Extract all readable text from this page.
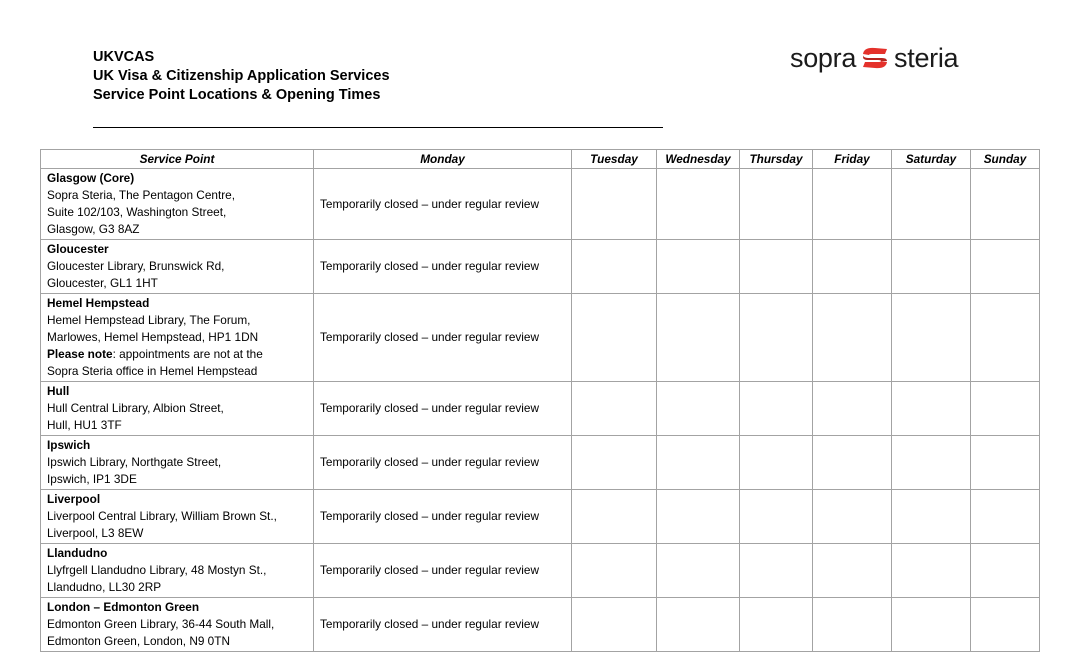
UKVCAS
UK Visa & Citizenship Application Services
Service Point Locations & Opening Times
sopra steria
Service Point	Monday	Tuesday	Wednesday	Thursday	Friday	Saturday	Sunday

Glasgow (Core)
Sopra Steria, The Pentagon Centre,
Suite 102/103, Washington Street,
Glasgow, G3 8AZ	Temporarily closed – under regular review						

Gloucester
Gloucester Library, Brunswick Rd,
Gloucester, GL1 1HT	Temporarily closed – under regular review						

Hemel Hempstead
Hemel Hempstead Library, The Forum,
Marlowes, Hemel Hempstead, HP1 1DN
Please note: appointments are not at the
Sopra Steria office in Hemel Hempstead	Temporarily closed – under regular review						

Hull
Hull Central Library, Albion Street,
Hull, HU1 3TF	Temporarily closed – under regular review						

Ipswich
Ipswich Library, Northgate Street,
Ipswich, IP1 3DE	Temporarily closed – under regular review						

Liverpool
Liverpool Central Library, William Brown St.,
Liverpool, L3 8EW	Temporarily closed – under regular review						

Llandudno
Llyfrgell Llandudno Library, 48 Mostyn St.,
Llandudno, LL30 2RP	Temporarily closed – under regular review						

London – Edmonton Green
Edmonton Green Library, 36-44 South Mall,
Edmonton Green, London, N9 0TN	Temporarily closed – under regular review						
